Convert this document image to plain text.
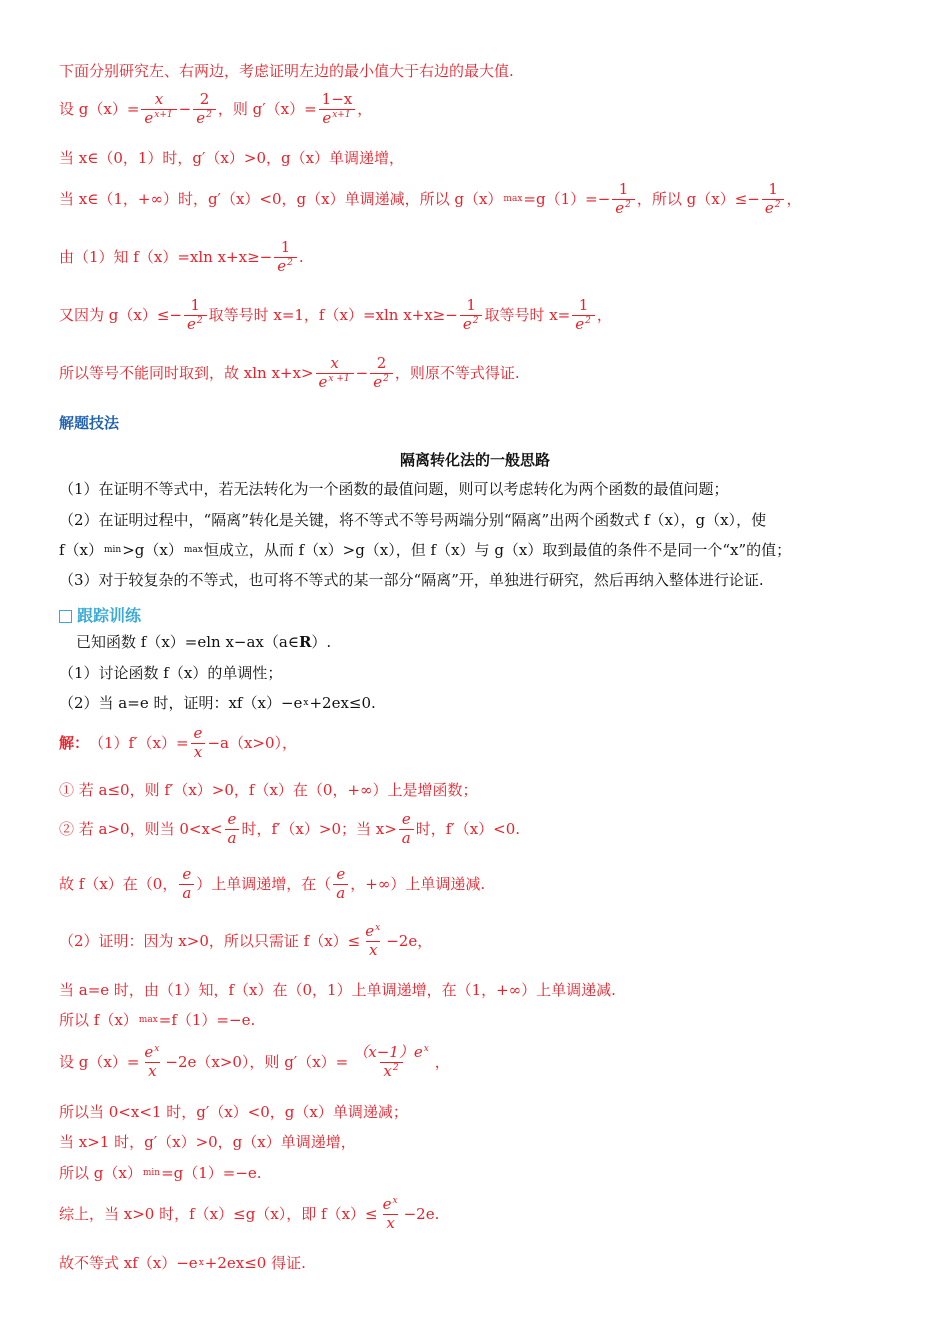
下面分别研究左、右两边，考虑证明左边的最小值大于右边的最大值.
设 $g(x)= \frac{x}{e^{x+1}} - \frac{2}{e^2}$ ，则 $g'(x)= \frac{1-x}{e^{x+1}}$ ，
当 x∈（0，1）时，g′（x）>0，g（x）单调递增，
当 x∈（1，+∞）时，g′（x）<0，g（x）单调递减，所以 g（x） $\max =g(1)=- \frac{1}{e^2}$ ，所以 $g(x)\le- \frac{1}{e^2}$ ，
由（1）知 f（x）=xln $x+x\ge- \frac{1}{e^2}$ .
又因为 $g(x)\le- \frac{1}{e^2}$ 取等号时 x=1，f（x）=xln $x+x\ge- \frac{1}{e^2}$ 取等号时 $x= \frac{1}{e^2}$ ，
所以等号不能同时取到，故 xln $x+x> \frac{x}{e^{x +1}} - \frac{2}{e^2}$ ，则原不等式得证.
解题技法
隔离转化法的一般思路
（1）在证明不等式中，若无法转化为一个函数的最值问题，则可以考虑转化为两个函数的最值问题；
（2）在证明过程中，“隔离”转化是关键，将不等式不等号两端分别“隔离”出两个函数式 f（x），g（x），使
f（x） min >g（x） max 恒成立，从而 f（x）>g（x），但 f（x）与 g（x）取到最值的条件不是同一个“x”的值；
（3）对于较复杂的不等式，也可将不等式的某一部分“隔离”开，单独进行研究，然后再纳入整体进行论证.
跟踪训练
已知函数 f（x）=eln x−ax（a∈ R ）.
（1）讨论函数 f（x）的单调性；
（2）当 a=e 时，证明：xf（x）−e x +2ex≤0.
解： $(1)f'(x)= \frac{e}{x} -a(x>0)$，
① 若 a≤0，则 f′（x）>0，f（x）在（0，+∞）上是增函数；
② 若 a>0，则当 $0<x< \frac{e}{a}$ 时，f′（x）>0；当 $x> \frac{e}{a}$ 时，f′（x）<0.
故 f（x）在（0， $\frac{e}{a}$ ）上单调递增，在（ $\frac{e}{a}$ ，+∞）上单调递减.
（2）证明：因为 x>0，所以只需证 $f(x)\le \frac{e^x}{x} -2e$，
当 a=e 时，由（1）知，f（x）在（0，1）上单调递增，在（1，+∞）上单调递减.
所以 f（x） max =f（1）=−e.
设 $g(x)= \frac{e^x}{x} -2e(x>0)$，则 $g'(x)= \frac{(x-1)e^x}{x^2}$ ，
所以当 0<x<1 时，g′（x）<0，g（x）单调递减；
当 x>1 时，g′（x）>0，g（x）单调递增，
所以 g（x） min =g（1）=−e.
综上，当 x>0 时，f（x）≤g（x），即 $f(x)\le \frac{e^x}{x} -2e$.
故不等式 xf（x）−e x +2ex≤0 得证.
